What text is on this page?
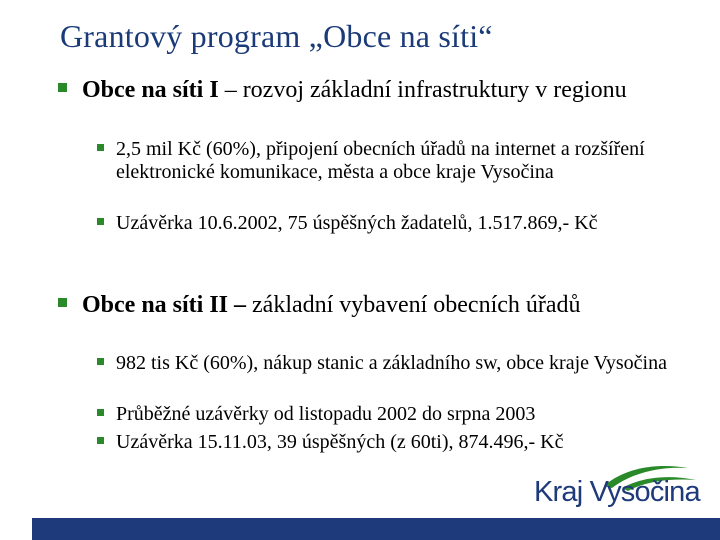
Grantový program „Obce na síti“
Obce na síti I – rozvoj základní infrastruktury v regionu
2,5 mil Kč (60%), připojení obecních úřadů na internet a rozšíření elektronické komunikace, města a obce kraje Vysočina
Uzávěrka 10.6.2002, 75 úspěšných žadatelů, 1.517.869,- Kč
Obce na síti II – základní vybavení obecních úřadů
982 tis Kč (60%), nákup stanic a základního sw, obce kraje Vysočina
Průběžné uzávěrky od listopadu 2002 do srpna 2003
Uzávěrka 15.11.03, 39 úspěšných (z 60ti), 874.496,- Kč
Kraj Vysočina
